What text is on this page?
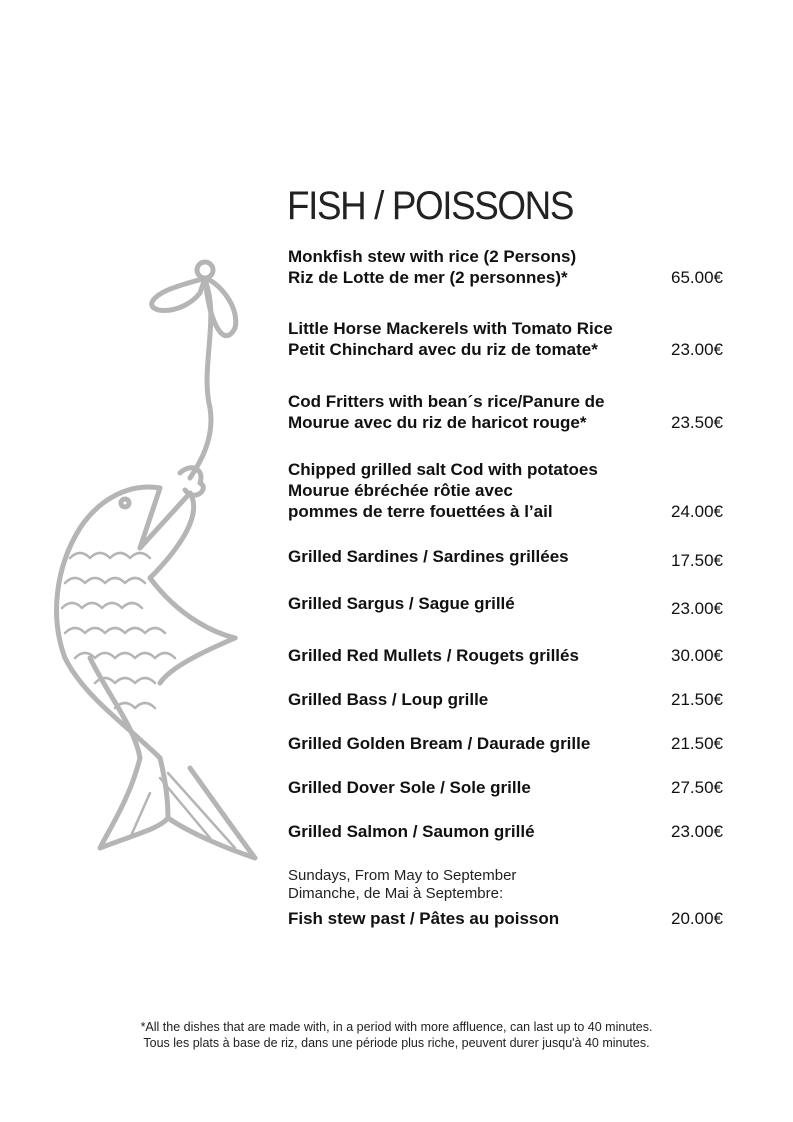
FISH / POISSONS
Monkfish stew with rice (2 Persons)
Riz de Lotte de mer (2 personnes)*	65.00€
Little Horse Mackerels with Tomato Rice
Petit Chinchard avec du riz de tomate*	23.00€
Cod Fritters with bean´s rice/Panure de
Mourue avec du riz de haricot rouge*	23.50€
Chipped grilled salt Cod with potatoes
Mourue ébréchée rôtie avec
pommes de terre fouettées à l’ail	24.00€
Grilled Sardines / Sardines grillées	17.50€
Grilled Sargus / Sague grillé	23.00€
Grilled Red Mullets / Rougets grillés	30.00€
Grilled Bass / Loup grille	21.50€
Grilled Golden Bream / Daurade grille	21.50€
Grilled Dover Sole / Sole grille	27.50€
Grilled Salmon / Saumon grillé	23.00€
Sundays, From May to September
Dimanche, de Mai à Septembre:
Fish stew past / Pâtes au poisson	20.00€
*All the dishes that are made with, in a period with more affluence, can last up to 40 minutes.
Tous les plats à base de riz, dans une période plus riche, peuvent durer jusqu'à 40 minutes.
